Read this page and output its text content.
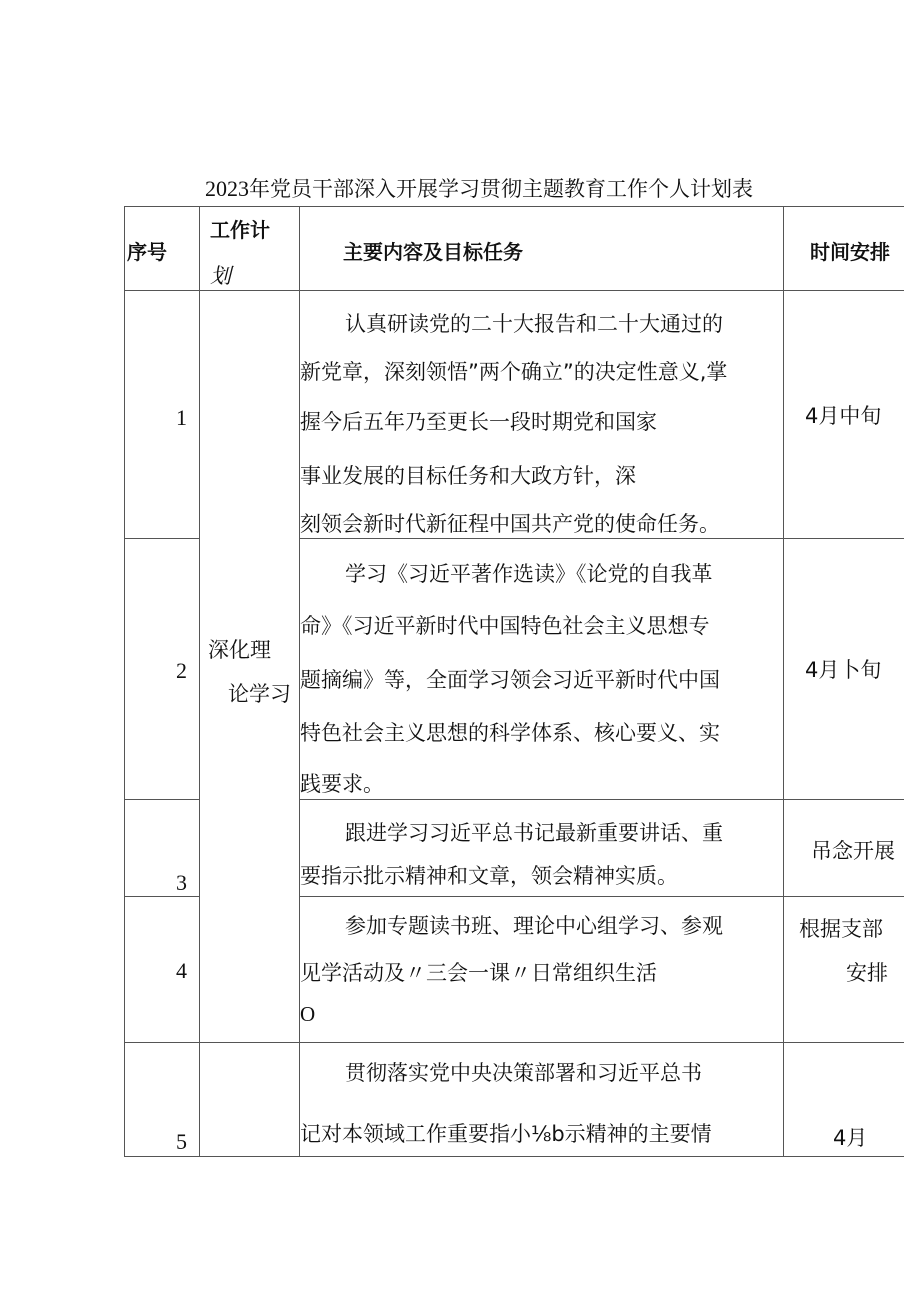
2023年党员干部深入开展学习贯彻主题教育工作个人计划表
序号
工作计
划
主要内容及目标任务	时间安排
深化理
论学习
1
认真研读党的二十大报告和二十大通过的
新党章，深刻领悟”两个确立”的决定性意义,掌
握今后五年乃至更长一段时期党和国家
事业发展的目标任务和大政方针，深
刻领会新时代新征程中国共产党的使命任务。
4月中旬
2
学习《习近平著作选读》《论党的自我革
命》《习近平新时代中国特色社会主义思想专
题摘编》等，全面学习领会习近平新时代中国
特色社会主义思想的科学体系、核心要义、实
践要求。
4月卜旬
3
跟进学习习近平总书记最新重要讲话、重
要指示批示精神和文章，领会精神实质。
吊念开展
4
参加专题读书班、理论中心组学习、参观
见学活动及〃三会一课〃日常组织生活
O
根据支部
安排
5
贯彻落实党中央决策部署和习近平总书
记对本领域工作重要指小⅛b示精神的主要情	4月
